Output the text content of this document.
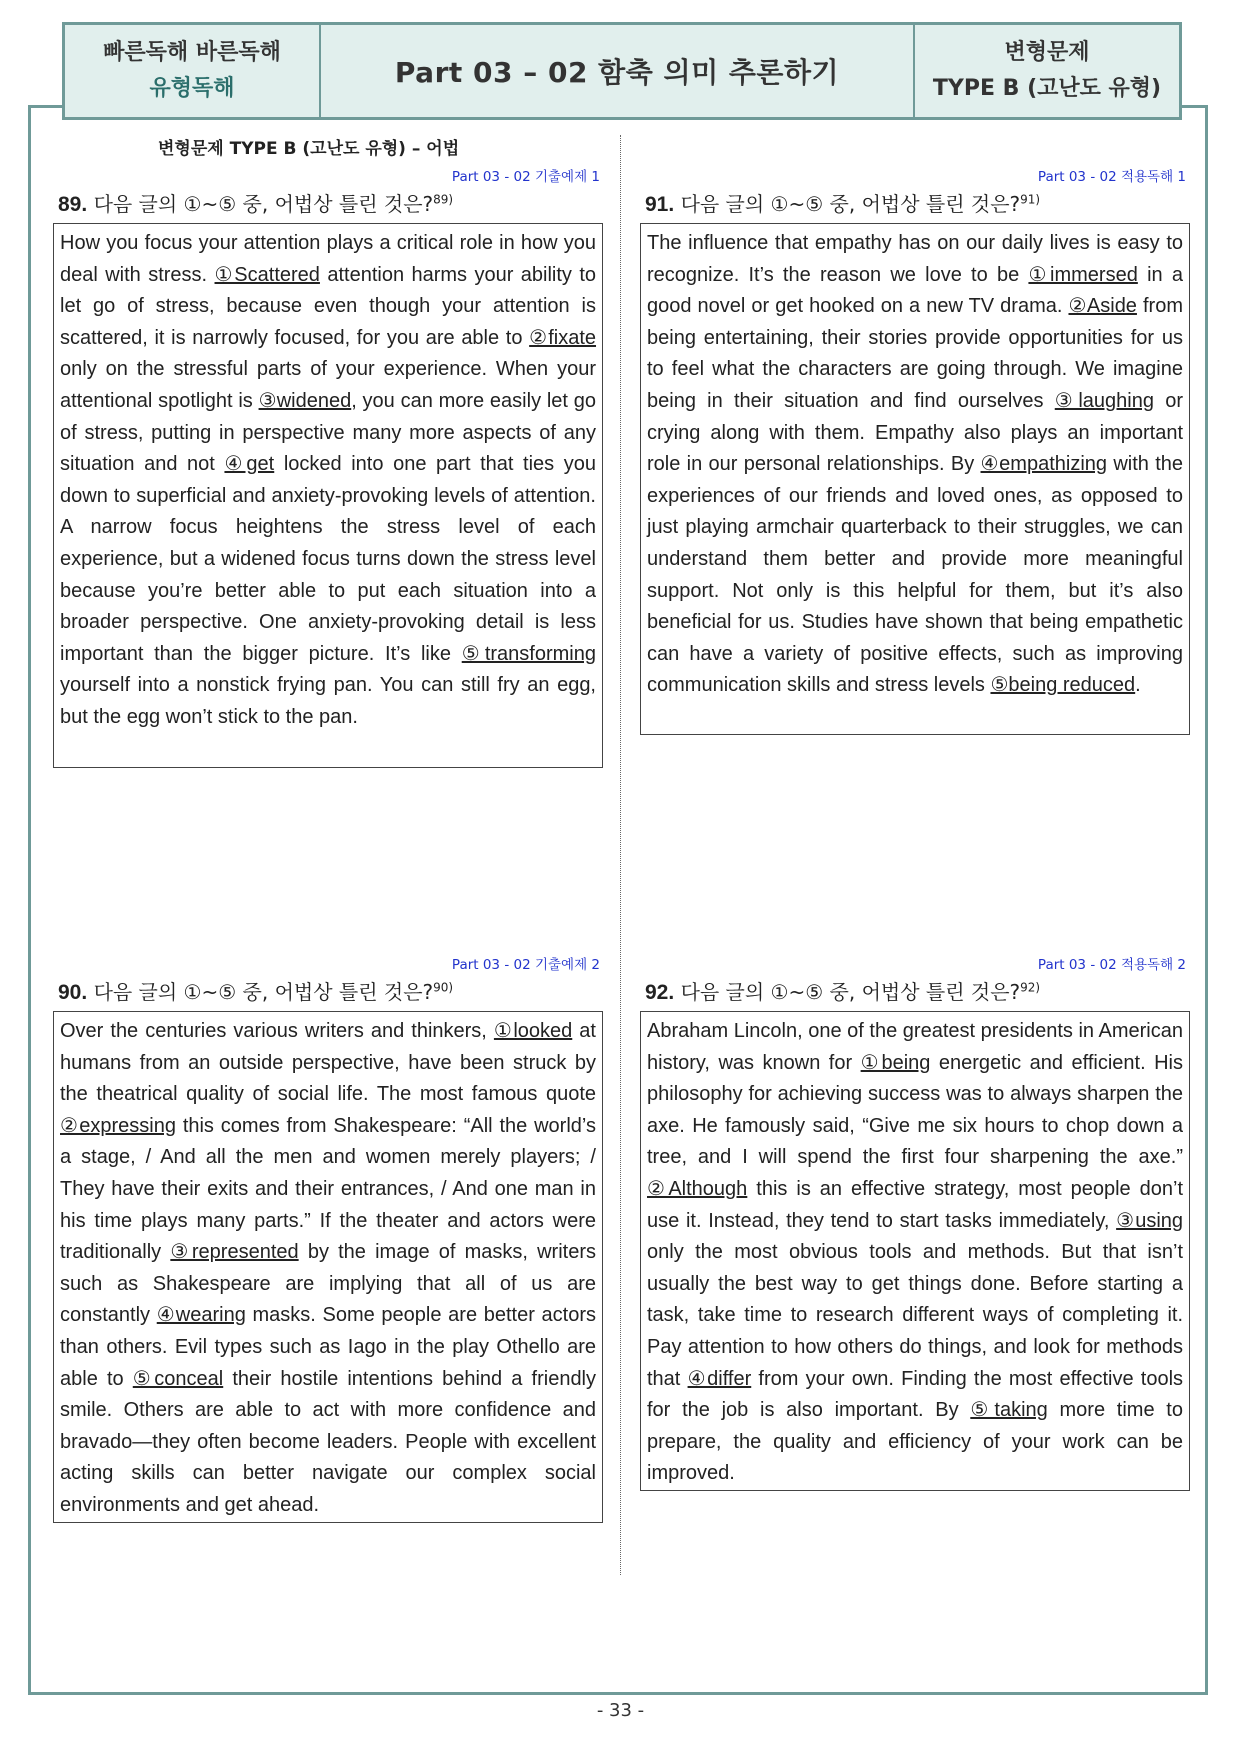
빠른독해 바른독해
유형독해	Part 03 – 02 함축 의미 추론하기
변형문제
TYPE B (고난도 유형)
변형문제 TYPE B (고난도 유형) – 어법
Part 03 - 02 기출예제 1
89. 다음 글의 ①~⑤ 중, 어법상 틀린 것은?$^{89)}$
How you focus your attention plays a critical role in how you deal with stress. ①Scattered attention harms your ability to let go of stress, because even though your attention is scattered, it is narrowly focused, for you are able to ②fixate only on the stressful parts of your experience. When your attentional spotlight is ③widened, you can more easily let go of stress, putting in perspective many more aspects of any situation and not ④get locked into one part that ties you down to superficial and anxiety-provoking levels of attention. A narrow focus heightens the stress level of each experience, but a widened focus turns down the stress level because you’re better able to put each situation into a broader perspective. One anxiety-provoking detail is less important than the bigger picture. It’s like ⑤transforming yourself into a nonstick frying pan. You can still fry an egg, but the egg won’t stick to the pan.
Part 03 - 02 적용독해 1
91. 다음 글의 ①~⑤ 중, 어법상 틀린 것은?$^{91)}$
The influence that empathy has on our daily lives is easy to recognize. It’s the reason we love to be ①immersed in a good novel or get hooked on a new TV drama. ②Aside from being entertaining, their stories provide opportunities for us to feel what the characters are going through. We imagine being in their situation and find ourselves ③laughing or crying along with them. Empathy also plays an important role in our personal relationships. By ④empathizing with the experiences of our friends and loved ones, as opposed to just playing armchair quarterback to their struggles, we can understand them better and provide more meaningful support. Not only is this helpful for them, but it’s also beneficial for us. Studies have shown that being empathetic can have a variety of positive effects, such as improving communication skills and stress levels ⑤being reduced.
Part 03 - 02 기출예제 2
90. 다음 글의 ①~⑤ 중, 어법상 틀린 것은?$^{90)}$
Over the centuries various writers and thinkers, ①looked at humans from an outside perspective, have been struck by the theatrical quality of social life. The most famous quote ②expressing this comes from Shakespeare: “All the world’s a stage, / And all the men and women merely players; / They have their exits and their entrances, / And one man in his time plays many parts.” If the theater and actors were traditionally ③represented by the image of masks, writers such as Shakespeare are implying that all of us are constantly ④wearing masks. Some people are better actors than others. Evil types such as Iago in the play Othello are able to ⑤conceal their hostile intentions behind a friendly smile. Others are able to act with more confidence and bravado—they often become leaders. People with excellent acting skills can better navigate our complex social environments and get ahead.
Part 03 - 02 적용독해 2
92. 다음 글의 ①~⑤ 중, 어법상 틀린 것은?$^{92)}$
Abraham Lincoln, one of the greatest presidents in American history, was known for ①being energetic and efficient. His philosophy for achieving success was to always sharpen the axe. He famously said, “Give me six hours to chop down a tree, and I will spend the first four sharpening the axe.” ②Although this is an effective strategy, most people don’t use it. Instead, they tend to start tasks immediately, ③using only the most obvious tools and methods. But that isn’t usually the best way to get things done. Before starting a task, take time to research different ways of completing it. Pay attention to how others do things, and look for methods that ④differ from your own. Finding the most effective tools for the job is also important. By ⑤taking more time to prepare, the quality and efficiency of your work can be improved.
- 33 -
